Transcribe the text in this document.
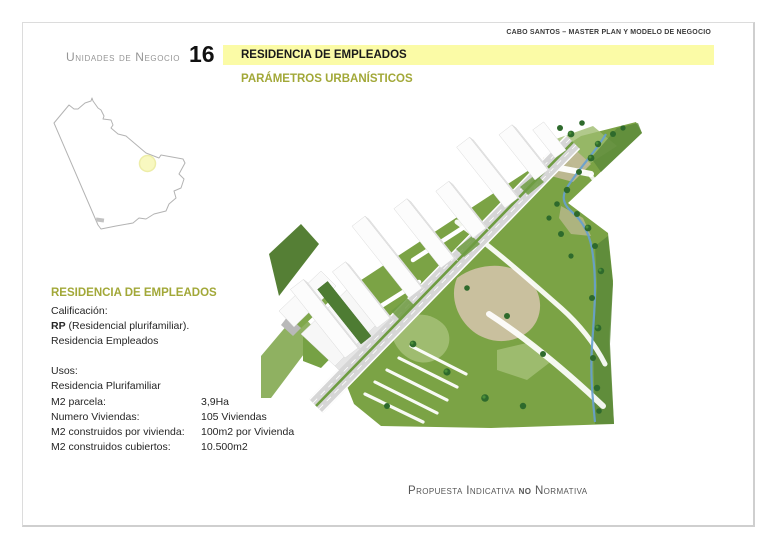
CABO SANTOS – MASTER PLAN Y MODELO DE NEGOCIO
Unidades de Negocio 16	RESIDENCIA DE EMPLEADOS
PARÁMETROS URBANÍSTICOS
RESIDENCIA DE EMPLEADOS
Calificación:
RP (Residencial plurifamiliar).
Residencia Empleados
Usos:
Residencia Plurifamiliar
M2 parcela:	3,9Ha
Numero Viviendas:	105 Viviendas
M2 construidos por vivienda:	100m2 por Vivienda
M2 construidos cubiertos:	10.500m2
Propuesta Indicativa no Normativa
